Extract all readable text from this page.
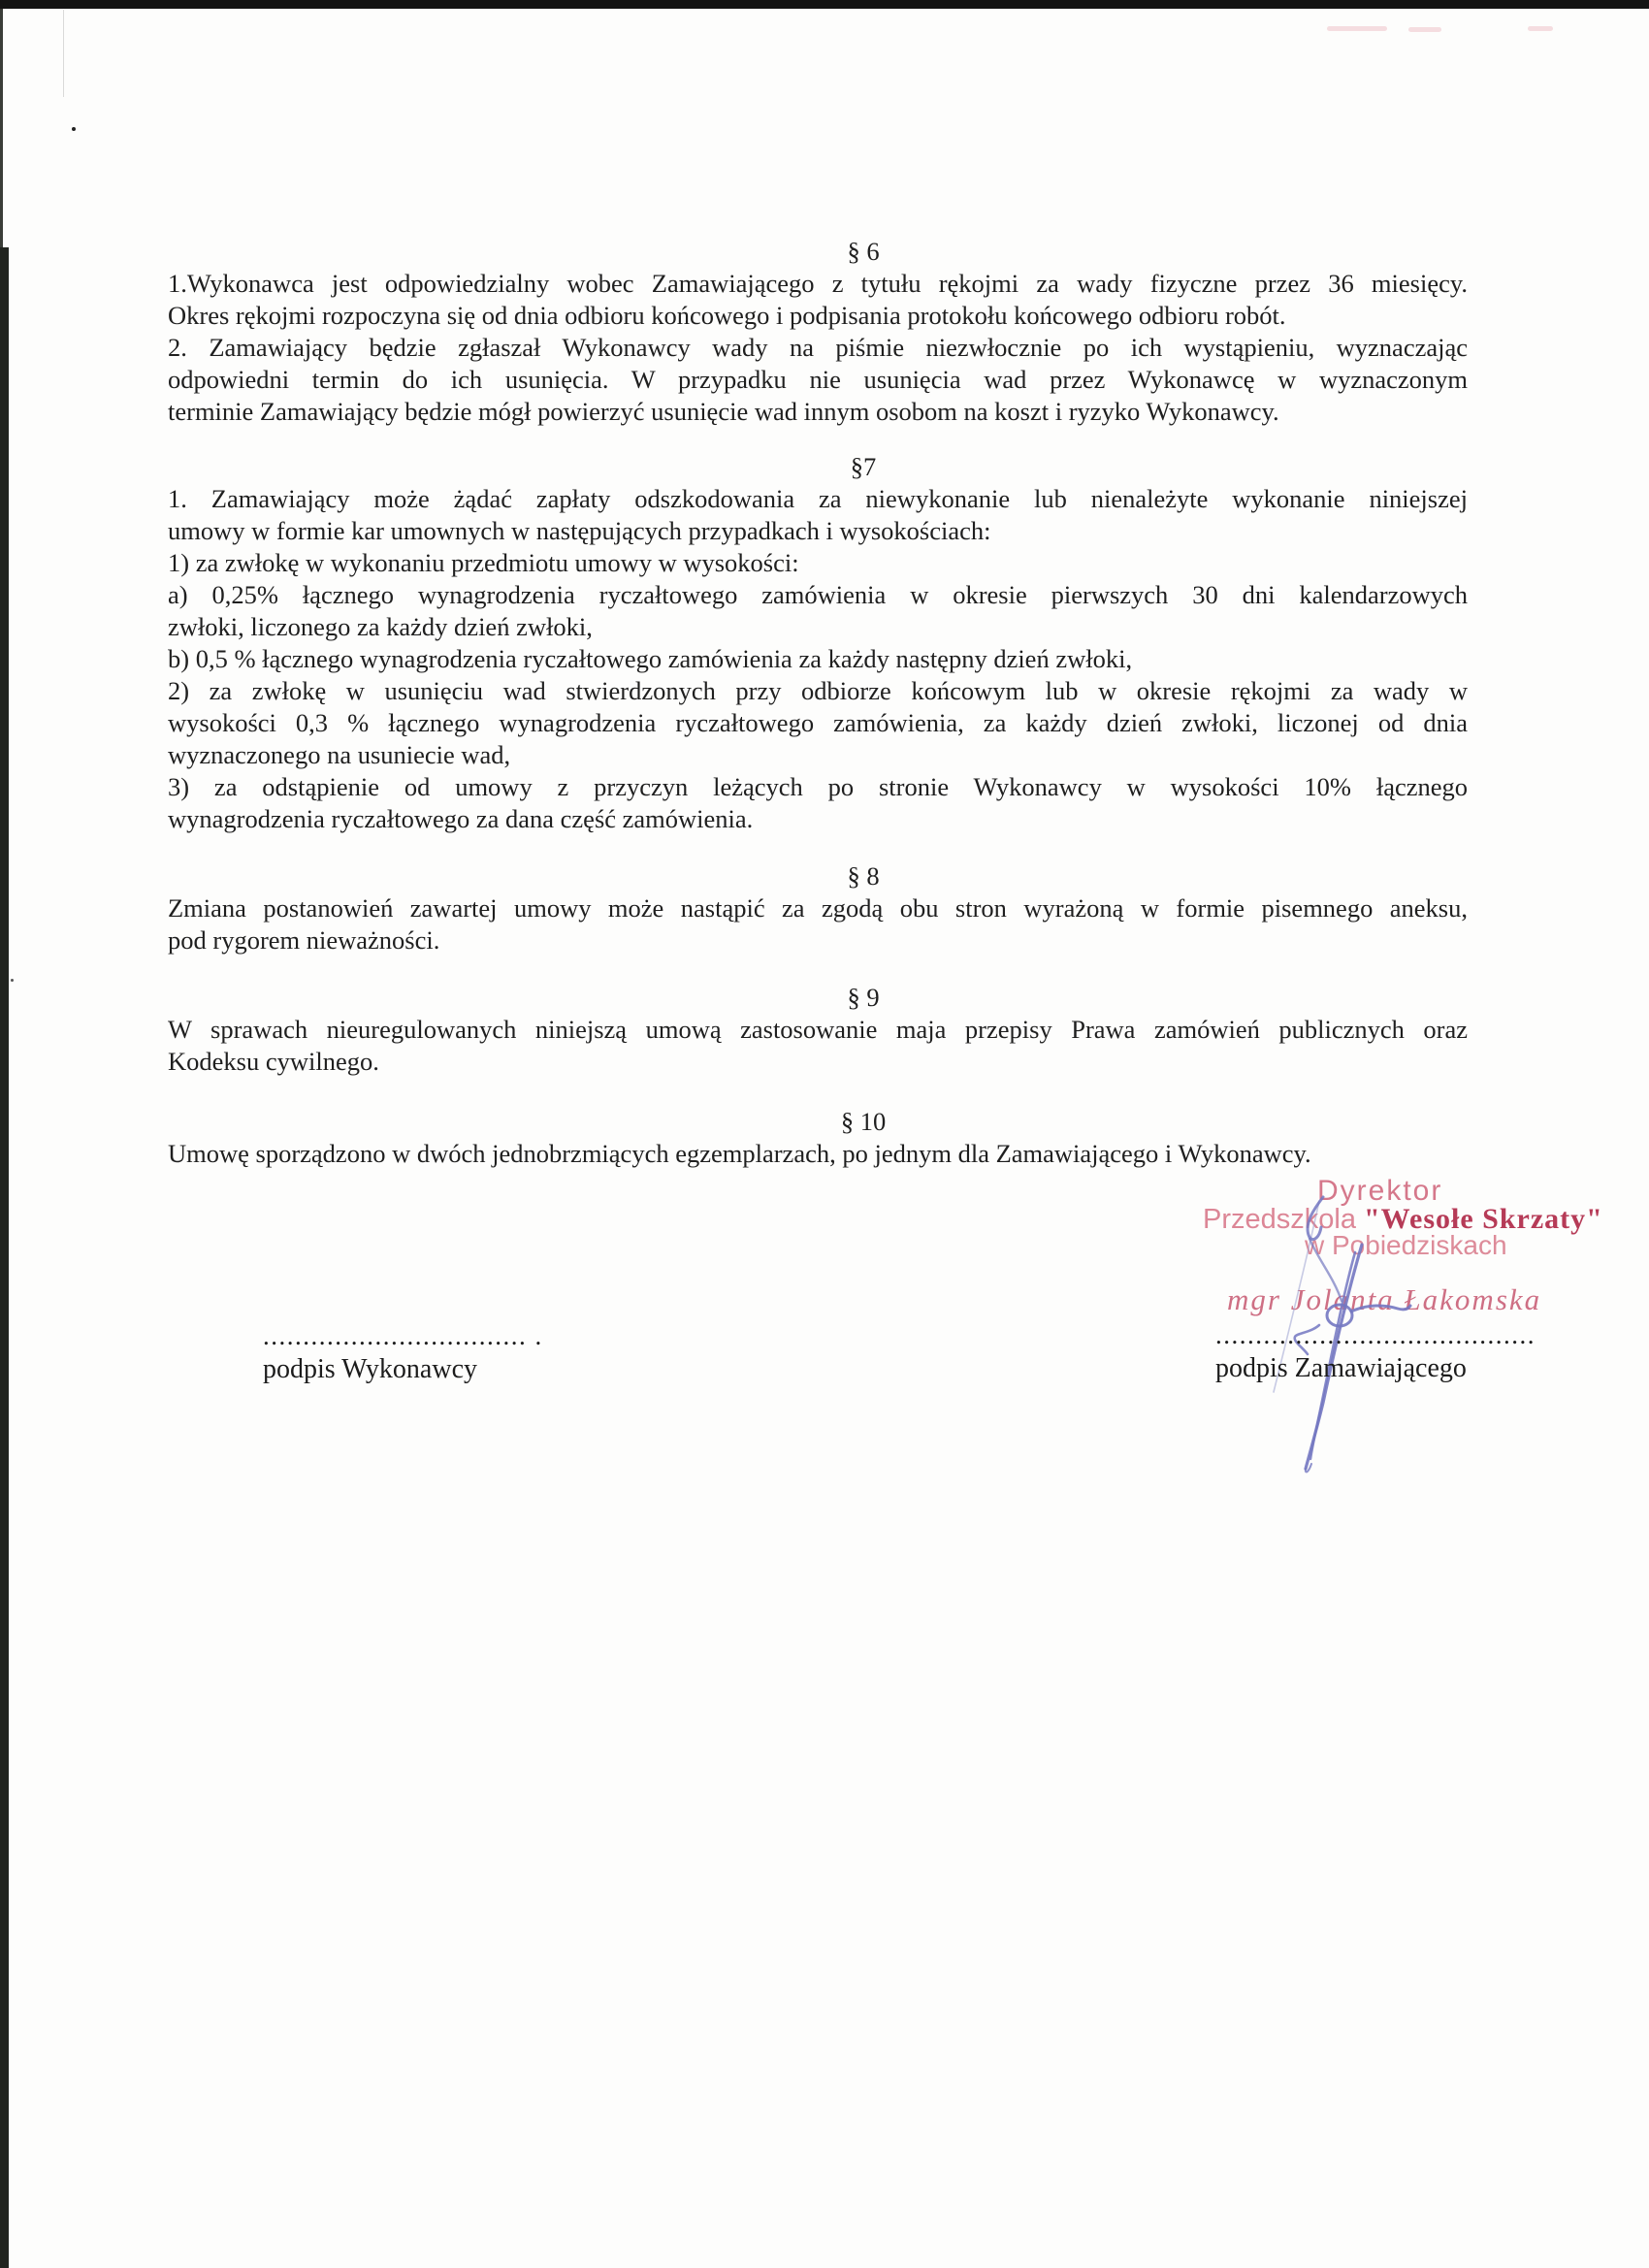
§ 6
1.Wykonawca jest odpowiedzialny wobec Zamawiającego z tytułu rękojmi za wady fizyczne przez 36 miesięcy.
Okres rękojmi rozpoczyna się od dnia odbioru końcowego i podpisania protokołu końcowego odbioru robót.
2. Zamawiający będzie zgłaszał Wykonawcy wady na piśmie niezwłocznie po ich wystąpieniu, wyznaczając
odpowiedni termin do ich usunięcia. W przypadku nie usunięcia wad przez Wykonawcę w wyznaczonym
terminie Zamawiający będzie mógł powierzyć usunięcie wad innym osobom na koszt i ryzyko Wykonawcy.
§7
1. Zamawiający może żądać zapłaty odszkodowania za niewykonanie lub nienależyte wykonanie niniejszej
umowy w formie kar umownych w następujących przypadkach i wysokościach:
1) za zwłokę w wykonaniu przedmiotu umowy w wysokości:
a) 0,25% łącznego wynagrodzenia ryczałtowego zamówienia w okresie pierwszych 30 dni kalendarzowych
zwłoki, liczonego za każdy dzień zwłoki,
b) 0,5 % łącznego wynagrodzenia ryczałtowego zamówienia za każdy następny dzień zwłoki,
2) za zwłokę w usunięciu wad stwierdzonych przy odbiorze końcowym lub w okresie rękojmi za wady w
wysokości 0,3 % łącznego wynagrodzenia ryczałtowego zamówienia, za każdy dzień zwłoki, liczonej od dnia
wyznaczonego na usuniecie wad,
3) za odstąpienie od umowy z przyczyn leżących po stronie Wykonawcy w wysokości 10% łącznego
wynagrodzenia ryczałtowego za dana część zamówienia.
§ 8
Zmiana postanowień zawartej umowy może nastąpić za zgodą obu stron wyrażoną w formie pisemnego aneksu,
pod rygorem nieważności.
§ 9
W sprawach nieuregulowanych niniejszą umową zastosowanie maja przepisy Prawa zamówień publicznych oraz
Kodeksu cywilnego.
§ 10
Umowę sporządzono w dwóch jednobrzmiących egzemplarzach, po jednym dla Zamawiającego i Wykonawcy.
Dyrektor
Przedszkola "Wesołe Skrzaty"
w Pobiedziskach
mgr Jolanta Łakomska
................................. .
podpis Wykonawcy
........................................
podpis Zamawiającego
